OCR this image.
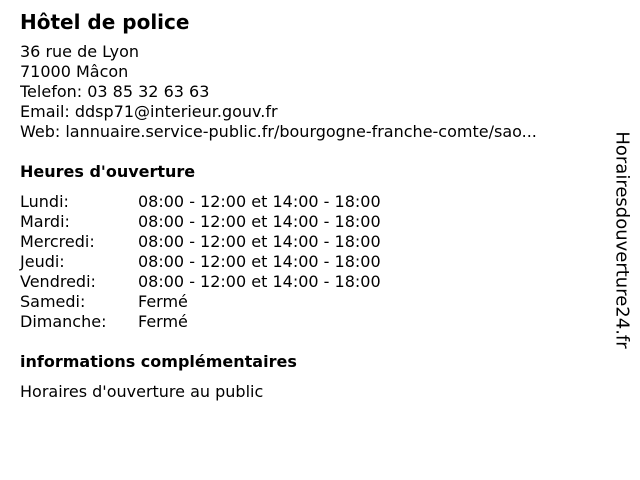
Hôtel de police
36 rue de Lyon
71000 Mâcon
Telefon: 03 85 32 63 63
Email: ddsp71@interieur.gouv.fr
Web: lannuaire.service-public.fr/bourgogne-franche-comte/sao...
Heures d'ouverture
Lundi:	08:00 - 12:00 et 14:00 - 18:00
Mardi:	08:00 - 12:00 et 14:00 - 18:00
Mercredi:	08:00 - 12:00 et 14:00 - 18:00
Jeudi:	08:00 - 12:00 et 14:00 - 18:00
Vendredi:	08:00 - 12:00 et 14:00 - 18:00
Samedi:	Fermé
Dimanche:	Fermé
informations complémentaires
Horaires d'ouverture au public
Horairesdouverture24.fr
